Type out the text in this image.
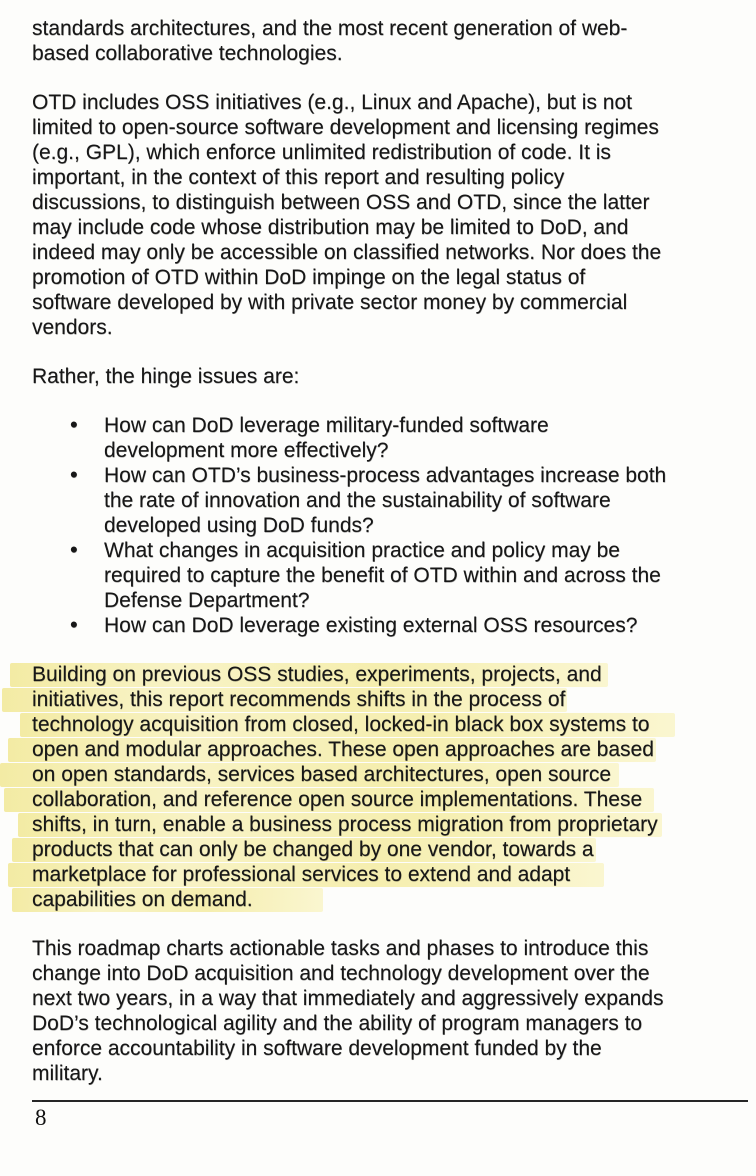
standards architectures, and the most recent generation of web-
based collaborative technologies.
OTD includes OSS initiatives (e.g., Linux and Apache), but is not
limited to open-source software development and licensing regimes
(e.g., GPL), which enforce unlimited redistribution of code. It is
important, in the context of this report and resulting policy
discussions, to distinguish between OSS and OTD, since the latter
may include code whose distribution may be limited to DoD, and
indeed may only be accessible on classified networks. Nor does the
promotion of OTD within DoD impinge on the legal status of
software developed by with private sector money by commercial
vendors.
Rather, the hinge issues are:
• How can DoD leverage military-funded software
development more effectively?
• How can OTD’s business-process advantages increase both
the rate of innovation and the sustainability of software
developed using DoD funds?
• What changes in acquisition practice and policy may be
required to capture the benefit of OTD within and across the
Defense Department?
• How can DoD leverage existing external OSS resources?
Building on previous OSS studies, experiments, projects, and
initiatives, this report recommends shifts in the process of
technology acquisition from closed, locked-in black box systems to
open and modular approaches. These open approaches are based
on open standards, services based architectures, open source
collaboration, and reference open source implementations. These
shifts, in turn, enable a business process migration from proprietary
products that can only be changed by one vendor, towards a
marketplace for professional services to extend and adapt
capabilities on demand.
This roadmap charts actionable tasks and phases to introduce this
change into DoD acquisition and technology development over the
next two years, in a way that immediately and aggressively expands
DoD’s technological agility and the ability of program managers to
enforce accountability in software development funded by the
military.
8
